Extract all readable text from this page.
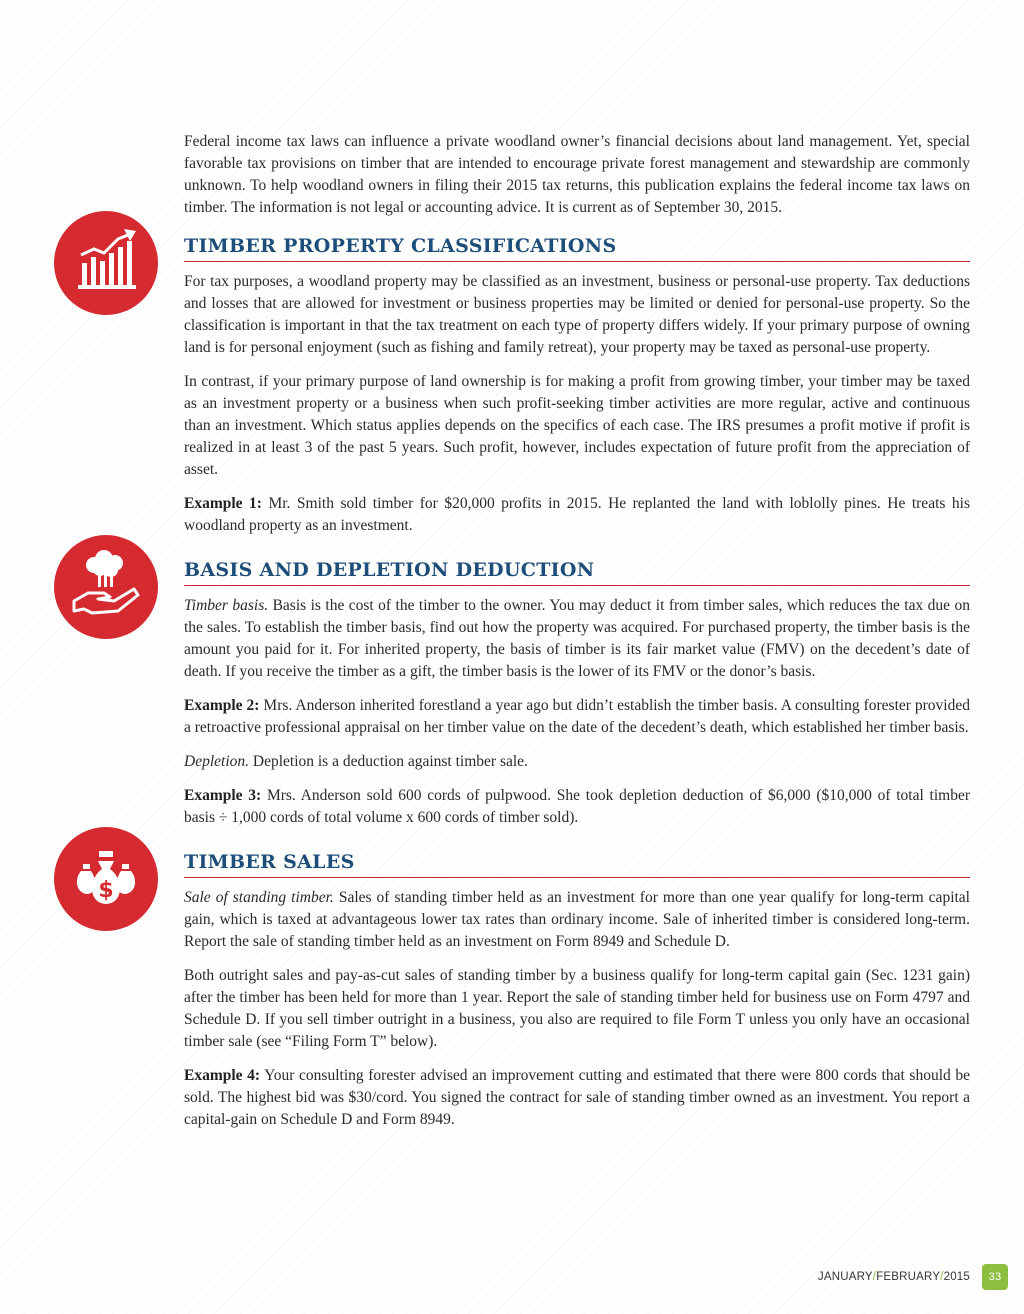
Federal income tax laws can influence a private woodland owner’s financial decisions about land management. Yet, special favorable tax provisions on timber that are intended to encourage private forest management and stewardship are commonly unknown. To help woodland owners in filing their 2015 tax returns, this publication explains the federal income tax laws on timber. The information is not legal or accounting advice. It is current as of September 30, 2015.

TIMBER PROPERTY CLASSIFICATIONS

For tax purposes, a woodland property may be classified as an investment, business or personal-use property. Tax deductions and losses that are allowed for investment or business properties may be limited or denied for personal-use property. So the classification is important in that the tax treatment on each type of property differs widely. If your primary purpose of owning land is for personal enjoyment (such as fishing and family retreat), your property may be taxed as personal-use property.

In contrast, if your primary purpose of land ownership is for making a profit from growing timber, your timber may be taxed as an investment property or a business when such profit-seeking timber activities are more regular, active and continuous than an investment. Which status applies depends on the specifics of each case. The IRS presumes a profit motive if profit is realized in at least 3 of the past 5 years. Such profit, however, includes expectation of future profit from the appreciation of asset.

Example 1: Mr. Smith sold timber for $20,000 profits in 2015. He replanted the land with loblolly pines. He treats his woodland property as an investment.

BASIS AND DEPLETION DEDUCTION

Timber basis. Basis is the cost of the timber to the owner. You may deduct it from timber sales, which reduces the tax due on the sales. To establish the timber basis, find out how the property was acquired. For purchased property, the timber basis is the amount you paid for it. For inherited property, the basis of timber is its fair market value (FMV) on the decedent’s date of death. If you receive the timber as a gift, the timber basis is the lower of its FMV or the donor’s basis.

Example 2: Mrs. Anderson inherited forestland a year ago but didn’t establish the timber basis. A consulting forester provided a retroactive professional appraisal on her timber value on the date of the decedent’s death, which established her timber basis.

Depletion. Depletion is a deduction against timber sale.

Example 3: Mrs. Anderson sold 600 cords of pulpwood. She took depletion deduction of $6,000 ($10,000 of total timber basis ÷ 1,000 cords of total volume x 600 cords of timber sold).

$
TIMBER SALES

Sale of standing timber. Sales of standing timber held as an investment for more than one year qualify for long-term capital gain, which is taxed at advantageous lower tax rates than ordinary income. Sale of inherited timber is considered long-term. Report the sale of standing timber held as an investment on Form 8949 and Schedule D.

Both outright sales and pay-as-cut sales of standing timber by a business qualify for long-term capital gain (Sec. 1231 gain) after the timber has been held for more than 1 year. Report the sale of standing timber held for business use on Form 4797 and Schedule D. If you sell timber outright in a business, you also are required to file Form T unless you only have an occasional timber sale (see “Filing Form T” below).

Example 4: Your consulting forester advised an improvement cutting and estimated that there were 800 cords that should be sold. The highest bid was $30/cord. You signed the contract for sale of standing timber owned as an investment. You report a capital-gain on Schedule D and Form 8949.

JANUARY/FEBRUARY/2015	33
